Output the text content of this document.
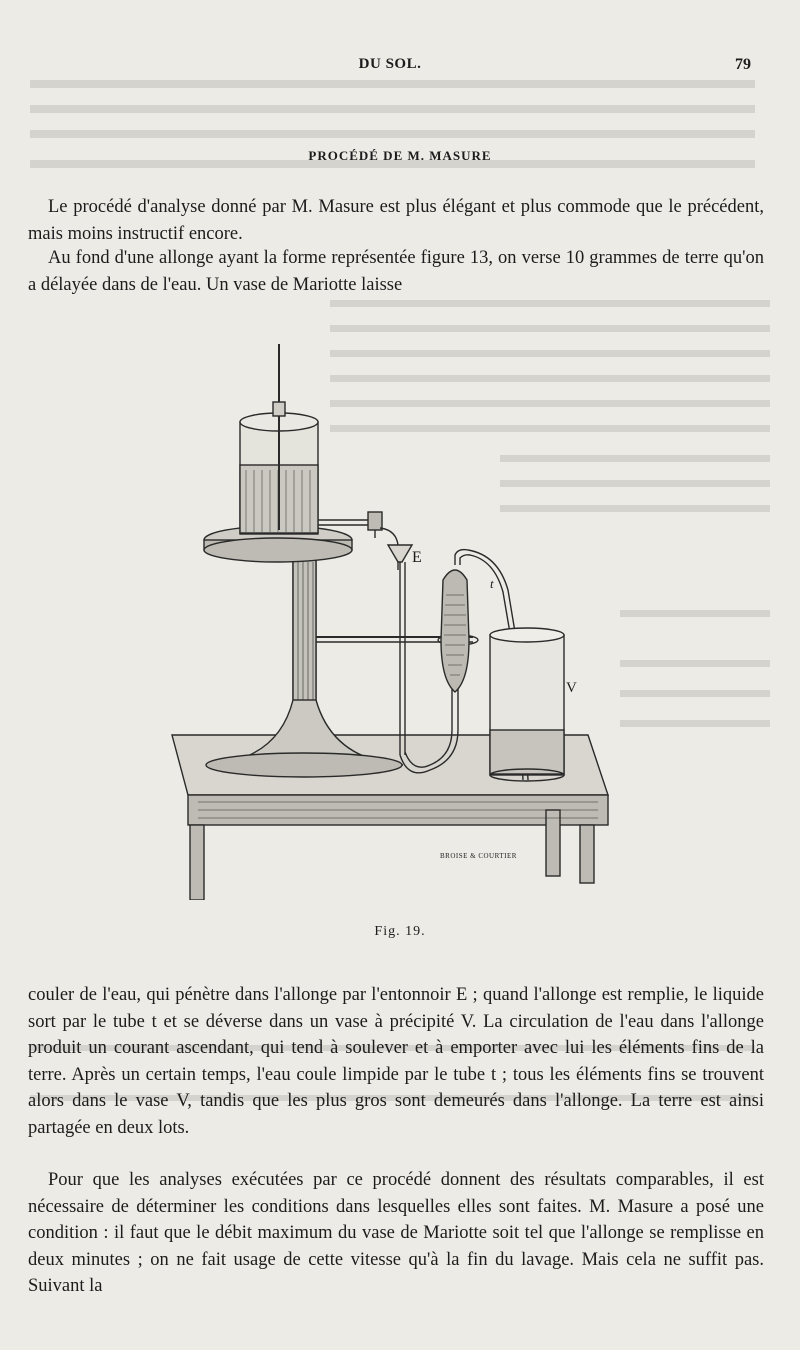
DU SOL.	79
PROCÉDÉ DE M. MASURE

Le procédé d'analyse donné par M. Masure est plus élégant et plus commode que le précédent, mais moins instructif encore.

Au fond d'une allonge ayant la forme représentée figure 13, on verse 10 grammes de terre qu'on a délayée dans de l'eau. Un vase de Mariotte laisse

E
t
V
BROISE & COURTIER
Fig. 19.

couler de l'eau, qui pénètre dans l'allonge par l'entonnoir E ; quand l'allonge est remplie, le liquide sort par le tube t et se déverse dans un vase à précipité V. La circulation de l'eau dans l'allonge produit un courant ascendant, qui tend à soulever et à emporter avec lui les éléments fins de la terre. Après un certain temps, l'eau coule limpide par le tube t ; tous les éléments fins se trouvent alors dans le vase V, tandis que les plus gros sont demeurés dans l'allonge. La terre est ainsi partagée en deux lots.

Pour que les analyses exécutées par ce procédé donnent des résultats comparables, il est nécessaire de déterminer les conditions dans lesquelles elles sont faites. M. Masure a posé une condition : il faut que le débit maximum du vase de Mariotte soit tel que l'allonge se remplisse en deux minutes ; on ne fait usage de cette vitesse qu'à la fin du lavage. Mais cela ne suffit pas. Suivant la
